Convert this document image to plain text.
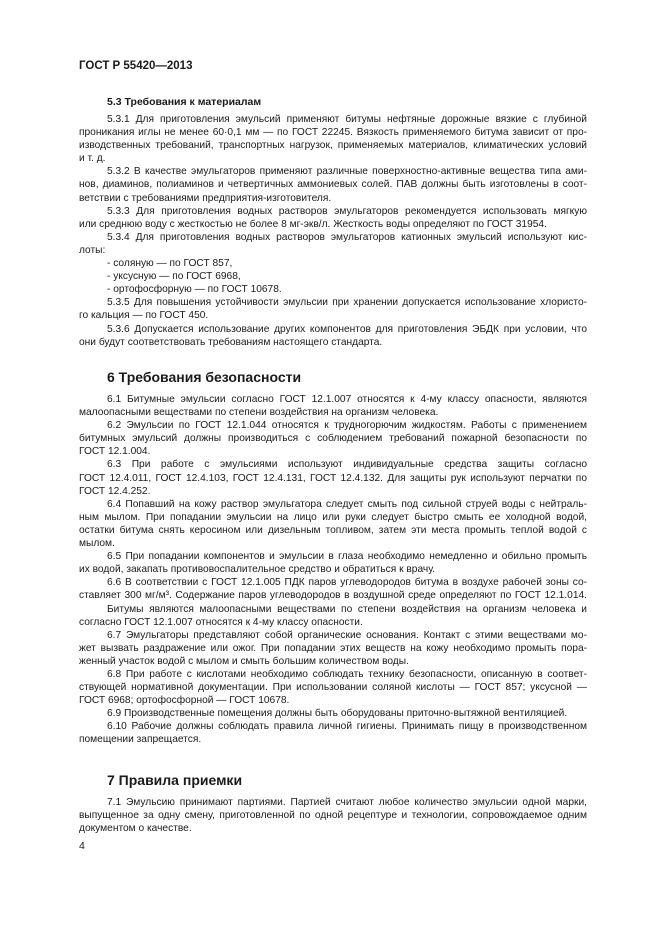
ГОСТ Р 55420—2013
5.3 Требования к материалам
5.3.1 Для приготовления эмульсий применяют битумы нефтяные дорожные вязкие с глубиной
проникания иглы не менее 60·0,1 мм — по ГОСТ 22245. Вязкость применяемого битума зависит от про-
изводственных требований, транспортных нагрузок, применяемых материалов, климатических условий
и т. д.
5.3.2 В качестве эмульгаторов применяют различные поверхностно-активные вещества типа ами-
нов, диаминов, полиаминов и четвертичных аммониевых солей. ПАВ должны быть изготовлены в соот-
ветствии с требованиями предприятия-изготовителя.
5.3.3 Для приготовления водных растворов эмульгаторов рекомендуется использовать мягкую
или среднюю воду с жесткостью не более 8 мг-экв/л. Жесткость воды определяют по ГОСТ 31954.
5.3.4 Для приготовления водных растворов эмульгаторов катионных эмульсий используют кис-
лоты:
- соляную — по ГОСТ 857,
- уксусную — по ГОСТ 6968,
- ортофосфорную — по ГОСТ 10678.
5.3.5 Для повышения устойчивости эмульсии при хранении допускается использование хлористо-
го кальция — по ГОСТ 450.
5.3.6 Допускается использование других компонентов для приготовления ЭБДК при условии, что
они будут соответствовать требованиям настоящего стандарта.
6 Требования безопасности
6.1 Битумные эмульсии согласно ГОСТ 12.1.007 относятся к 4-му классу опасности, являются
малоопасными веществами по степени воздействия на организм человека.
6.2 Эмульсии по ГОСТ 12.1.044 относятся к трудногорючим жидкостям. Работы с применением
битумных эмульсий должны производиться с соблюдением требований пожарной безопасности по
ГОСТ 12.1.004.
6.3 При работе с эмульсиями используют индивидуальные средства защиты согласно
ГОСТ 12.4.011, ГОСТ 12.4.103, ГОСТ 12.4.131, ГОСТ 12.4.132. Для защиты рук используют перчатки по
ГОСТ 12.4.252.
6.4 Попавший на кожу раствор эмульгатора следует смыть под сильной струей воды с нейтраль-
ным мылом. При попадании эмульсии на лицо или руки следует быстро смыть ее холодной водой,
остатки битума снять керосином или дизельным топливом, затем эти места промыть теплой водой с
мылом.
6.5 При попадании компонентов и эмульсии в глаза необходимо немедленно и обильно промыть
их водой, закапать противовоспалительное средство и обратиться к врачу.
6.6 В соответствии с ГОСТ 12.1.005 ПДК паров углеводородов битума в воздухе рабочей зоны со-
ставляет 300 мг/м³. Содержание паров углеводородов в воздушной среде определяют по ГОСТ 12.1.014.
Битумы являются малоопасными веществами по степени воздействия на организм человека и
согласно ГОСТ 12.1.007 относятся к 4-му классу опасности.
6.7 Эмульгаторы представляют собой органические основания. Контакт с этими веществами мо-
жет вызвать раздражение или ожог. При попадании этих веществ на кожу необходимо промыть пора-
женный участок водой с мылом и смыть большим количеством воды.
6.8 При работе с кислотами необходимо соблюдать технику безопасности, описанную в соответ-
ствующей нормативной документации. При использовании соляной кислоты — ГОСТ 857; уксусной —
ГОСТ 6968; ортофосфорной — ГОСТ 10678.
6.9 Производственные помещения должны быть оборудованы приточно-вытяжной вентиляцией.
6.10 Рабочие должны соблюдать правила личной гигиены. Принимать пищу в производственном
помещении запрещается.
7 Правила приемки
7.1 Эмульсию принимают партиями. Партией считают любое количество эмульсии одной марки,
выпущенное за одну смену, приготовленной по одной рецептуре и технологии, сопровождаемое одним
документом о качестве.
4
